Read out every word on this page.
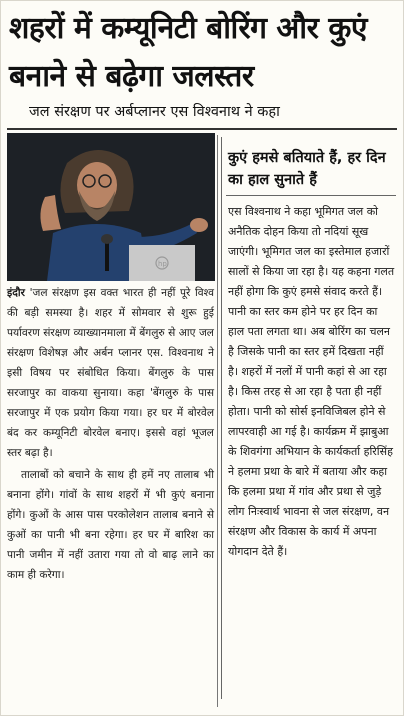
शहरों में कम्यूनिटी बोरिंग और कुएं बनाने से बढ़ेगा जलस्तर
जल संरक्षण पर अर्बप्लानर एस विश्वनाथ ने कहा
hp

इंदौर 'जल संरक्षण इस वक्त भारत ही नहीं पूरे विश्व की बड़ी समस्या है। शहर में सोमवार से शुरू हुई पर्यावरण संरक्षण व्याख्यानमाला में बेंगलुरु से आए जल संरक्षण विशेषज्ञ और अर्बन प्लानर एस. विश्वनाथ ने इसी विषय पर संबोधित किया। बेंगलुरु के पास सरजापुर का वाकया सुनाया। कहा 'बेंगलुरु के पास सरजापुर में एक प्रयोग किया गया। हर घर में बोरवेल बंद कर कम्यूनिटी बोरवेल बनाए। इससे वहां भूजल स्तर बढ़ा है।

तालाबों को बचाने के साथ ही हमें नए तालाब भी बनाना होंगे। गांवों के साथ शहरों में भी कुएं बनाना होंगे। कुओं के आस पास परकोलेशन तालाब बनाने से कुओं का पानी भी बना रहेगा। हर घर में बारिश का पानी जमीन में नहीं उतारा गया तो वो बाढ़ लाने का काम ही करेगा।

कुएं हमसे बतियाते हैं, हर दिन का हाल सुनाते हैं

एस विश्वनाथ ने कहा भूमिगत जल को अनैतिक दोहन किया तो नदियां सूख जाएंगी। भूमिगत जल का इस्तेमाल हजारों सालों से किया जा रहा है। यह कहना गलत नहीं होगा कि कुएं हमसे संवाद करते हैं। पानी का स्तर कम होने पर हर दिन का हाल पता लगता था। अब बोरिंग का चलन है जिसके पानी का स्तर हमें दिखता नहीं है। शहरों में नलों में पानी कहां से आ रहा है। किस तरह से आ रहा है पता ही नहीं होता। पानी को सोर्स इनविजिबल होने से लापरवाही आ गई है। कार्यक्रम में झाबुआ के शिवगंगा अभियान के कार्यकर्ता हरिसिंह ने हलमा प्रथा के बारे में बताया और कहा कि हलमा प्रथा में गांव और प्रथा से जुड़े लोग निःस्वार्थ भावना से जल संरक्षण, वन संरक्षण और विकास के कार्य में अपना योगदान देते हैं।
